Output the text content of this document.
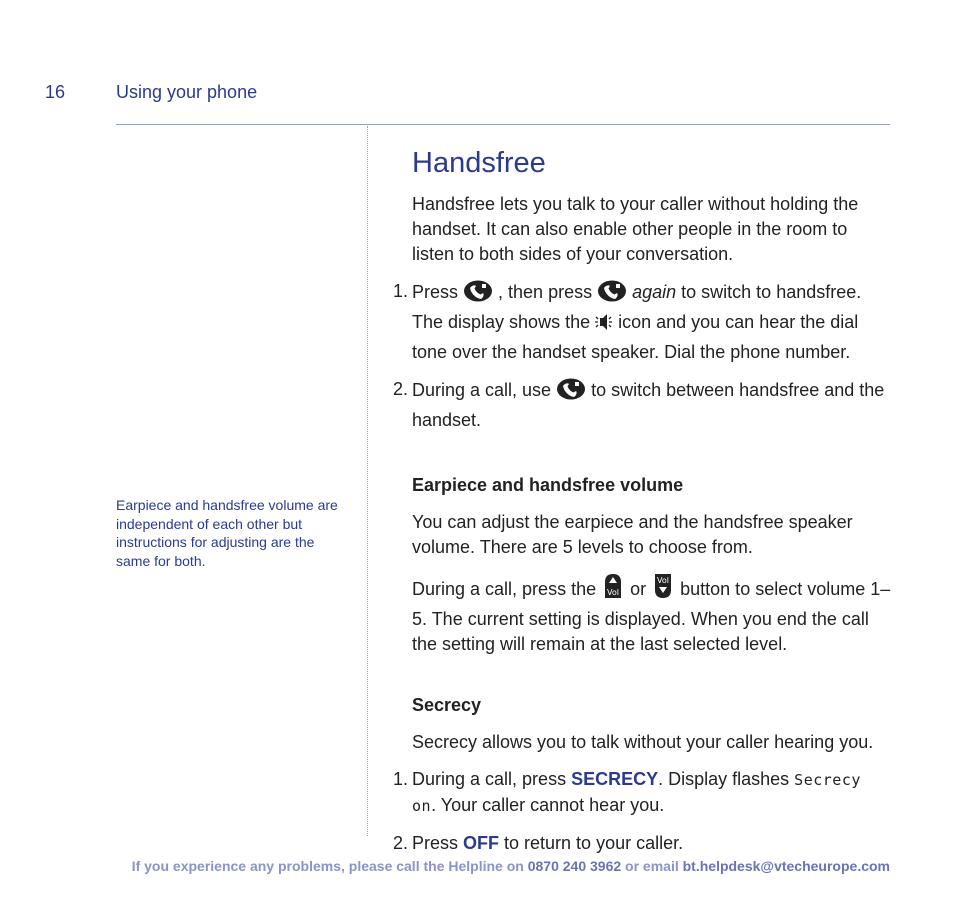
16	Using your phone
Earpiece and handsfree volume are independent of each other but instructions for adjusting are the same for both.
Handsfree

Handsfree lets you talk to your caller without holding the handset. It can also enable other people in the room to listen to both sides of your conversation.

1. Press  , then press  again to switch to handsfree. The display shows the  icon and you can hear the dial tone over the handset speaker. Dial the phone number.
2. During a call, use  to switch between handsfree and the handset.
Earpiece and handsfree volume

You can adjust the earpiece and the handsfree speaker volume. There are 5 levels to choose from.

During a call, press the Vol or Vol button to select volume 1–5. The current setting is displayed. When you end the call the setting will remain at the last selected level.

Secrecy

Secrecy allows you to talk without your caller hearing you.

1. During a call, press SECRECY. Display flashes Secrecy on. Your caller cannot hear you.
2. Press OFF to return to your caller.
If you experience any problems, please call the Helpline on 0870 240 3962 or email bt.helpdesk@vtecheurope.com
